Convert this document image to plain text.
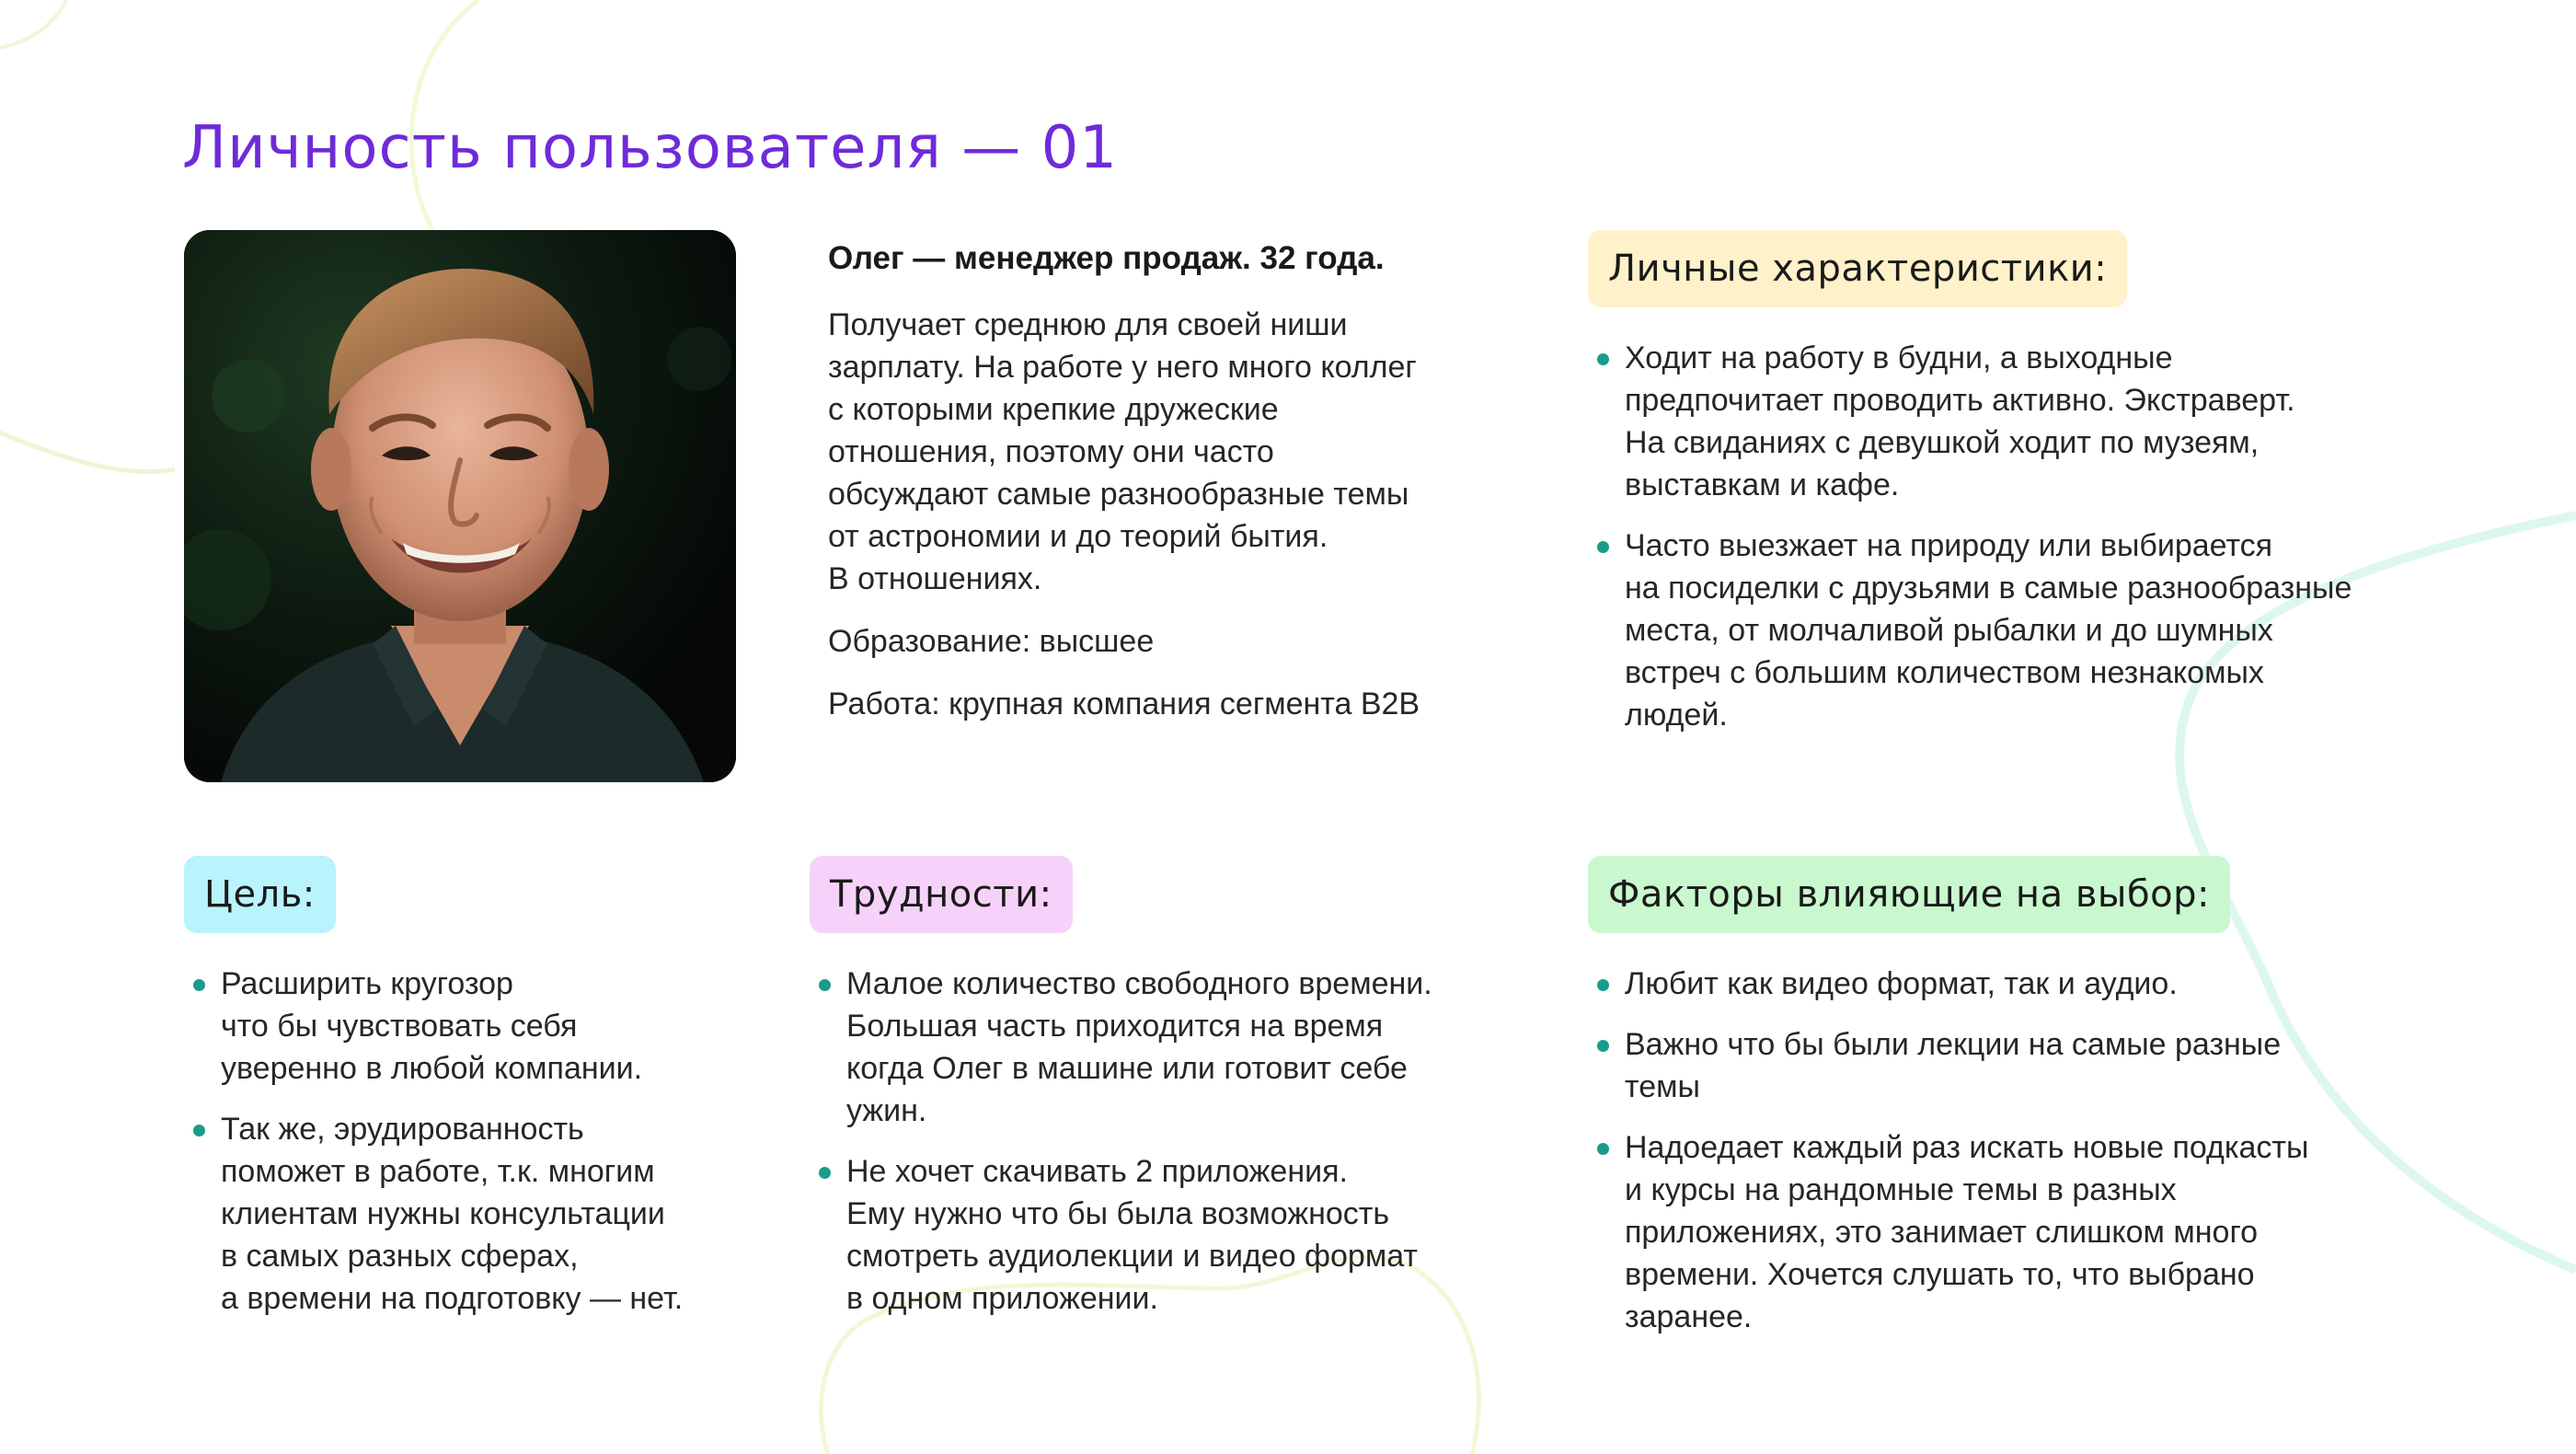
Личность пользователя — 01

Олег — менеджер продаж. 32 года.

Получает среднюю для своей ниши
зарплату. На работе у него много коллег
с которыми крепкие дружеские
отношения, поэтому они часто
обсуждают самые разнообразные темы
от астрономии и до теорий бытия.
В отношениях.

Образование: высшее

Работа: крупная компания сегмента B2B

Личные характеристики:

Ходит на работу в будни, а выходные
предпочитает проводить активно. Экстраверт.
На свиданиях с девушкой ходит по музеям,
выставкам и кафе.

Часто выезжает на природу или выбирается
на посиделки с друзьями в самые разнообразные
места, от молчаливой рыбалки и до шумных
встреч с большим количеством незнакомых
людей.

Цель:

Расширить кругозор
что бы чувствовать себя
уверенно в любой компании.

Так же, эрудированность
поможет в работе, т.к. многим
клиентам нужны консультации
в самых разных сферах,
а времени на подготовку — нет.

Трудности:

Малое количество свободного времени.
Большая часть приходится на время
когда Олег в машине или готовит себе
ужин.

Не хочет скачивать 2 приложения.
Ему нужно что бы была возможность
смотреть аудиолекции и видео формат
в одном приложении.

Факторы влияющие на выбор:

Любит как видео формат, так и аудио.

Важно что бы были лекции на самые разные
темы

Надоедает каждый раз искать новые подкасты
и курсы на рандомные темы в разных
приложениях, это занимает слишком много
времени. Хочется слушать то, что выбрано
заранее.
